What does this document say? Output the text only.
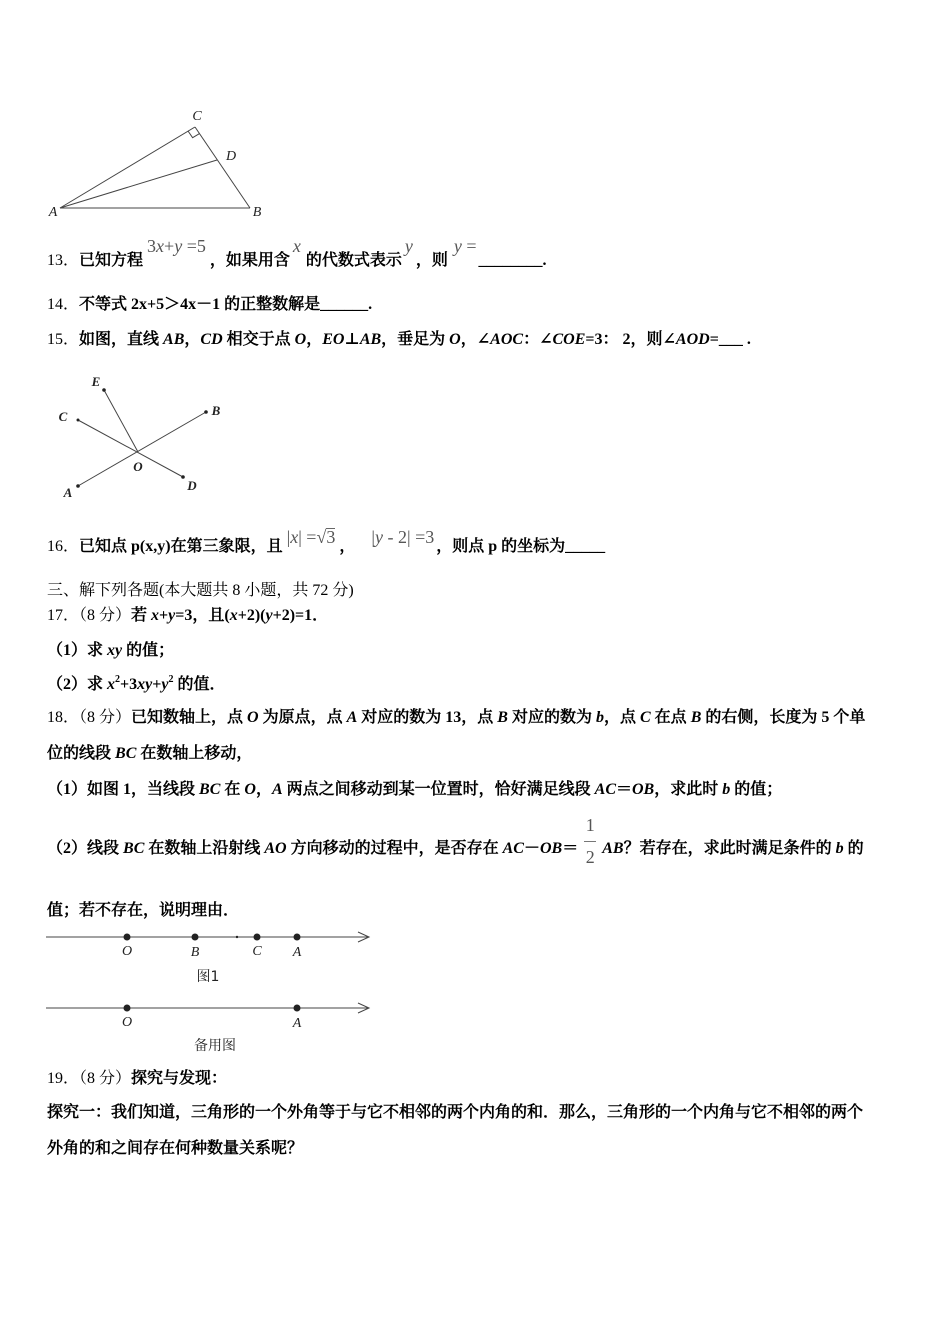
C
D
A	B
13． 已知方程
3 x + y =5
，如果用含
x
的代数式表示
y
，则
y =
________.
14． 不等式 2x+5＞4x－1 的正整数解是______.
15． 如图，直线 AB ， CD 相交于点 O ， EO ⊥ AB ，垂足为 O ， ∠ AOC ： ∠ COE =3： 2，则∠ AOD =___ .
E
C	B
O
A	D
16． 已知点 p(x,y)在第三象限，且 | x | = √ 3 ， | y - 2 | =3 ，则点 p 的坐标为_____
三、解下列各题(本大题共 8 小题，共 72 分)
17．（8 分） 若 x + y =3，且( x +2)( y +2)=1．
（1）求 xy 的值；
（2）求 x 2 +3 xy + y 2 的值．
18．（8 分） 已知数轴上，点 O 为原点，点 A 对应的数为 13，点 B 对应的数为 b ，点 C 在点 B 的右侧，长度为 5 个单
位的线段 BC 在数轴上移动，
（1）如图 1，当线段 BC 在 O ， A 两点之间移动到某一位置时，恰好满足线段 AC ＝ OB ，求此时 b 的值；
（2）线段 BC 在数轴上沿射线 AO 方向移动的过程中，是否存在 AC － OB ＝

$\frac{1}{2}$

AB ？若存在，求此时满足条件的 b 的
值；若不存在，说明理由．
O	B	C A
图1
O	A
备用图
19．（8 分） 探究与发现：
探究一：我们知道，三角形的一个外角等于与它不相邻的两个内角的和．那么，三角形的一个内角与它不相邻的两个
外角的和之间存在何种数量关系呢？
